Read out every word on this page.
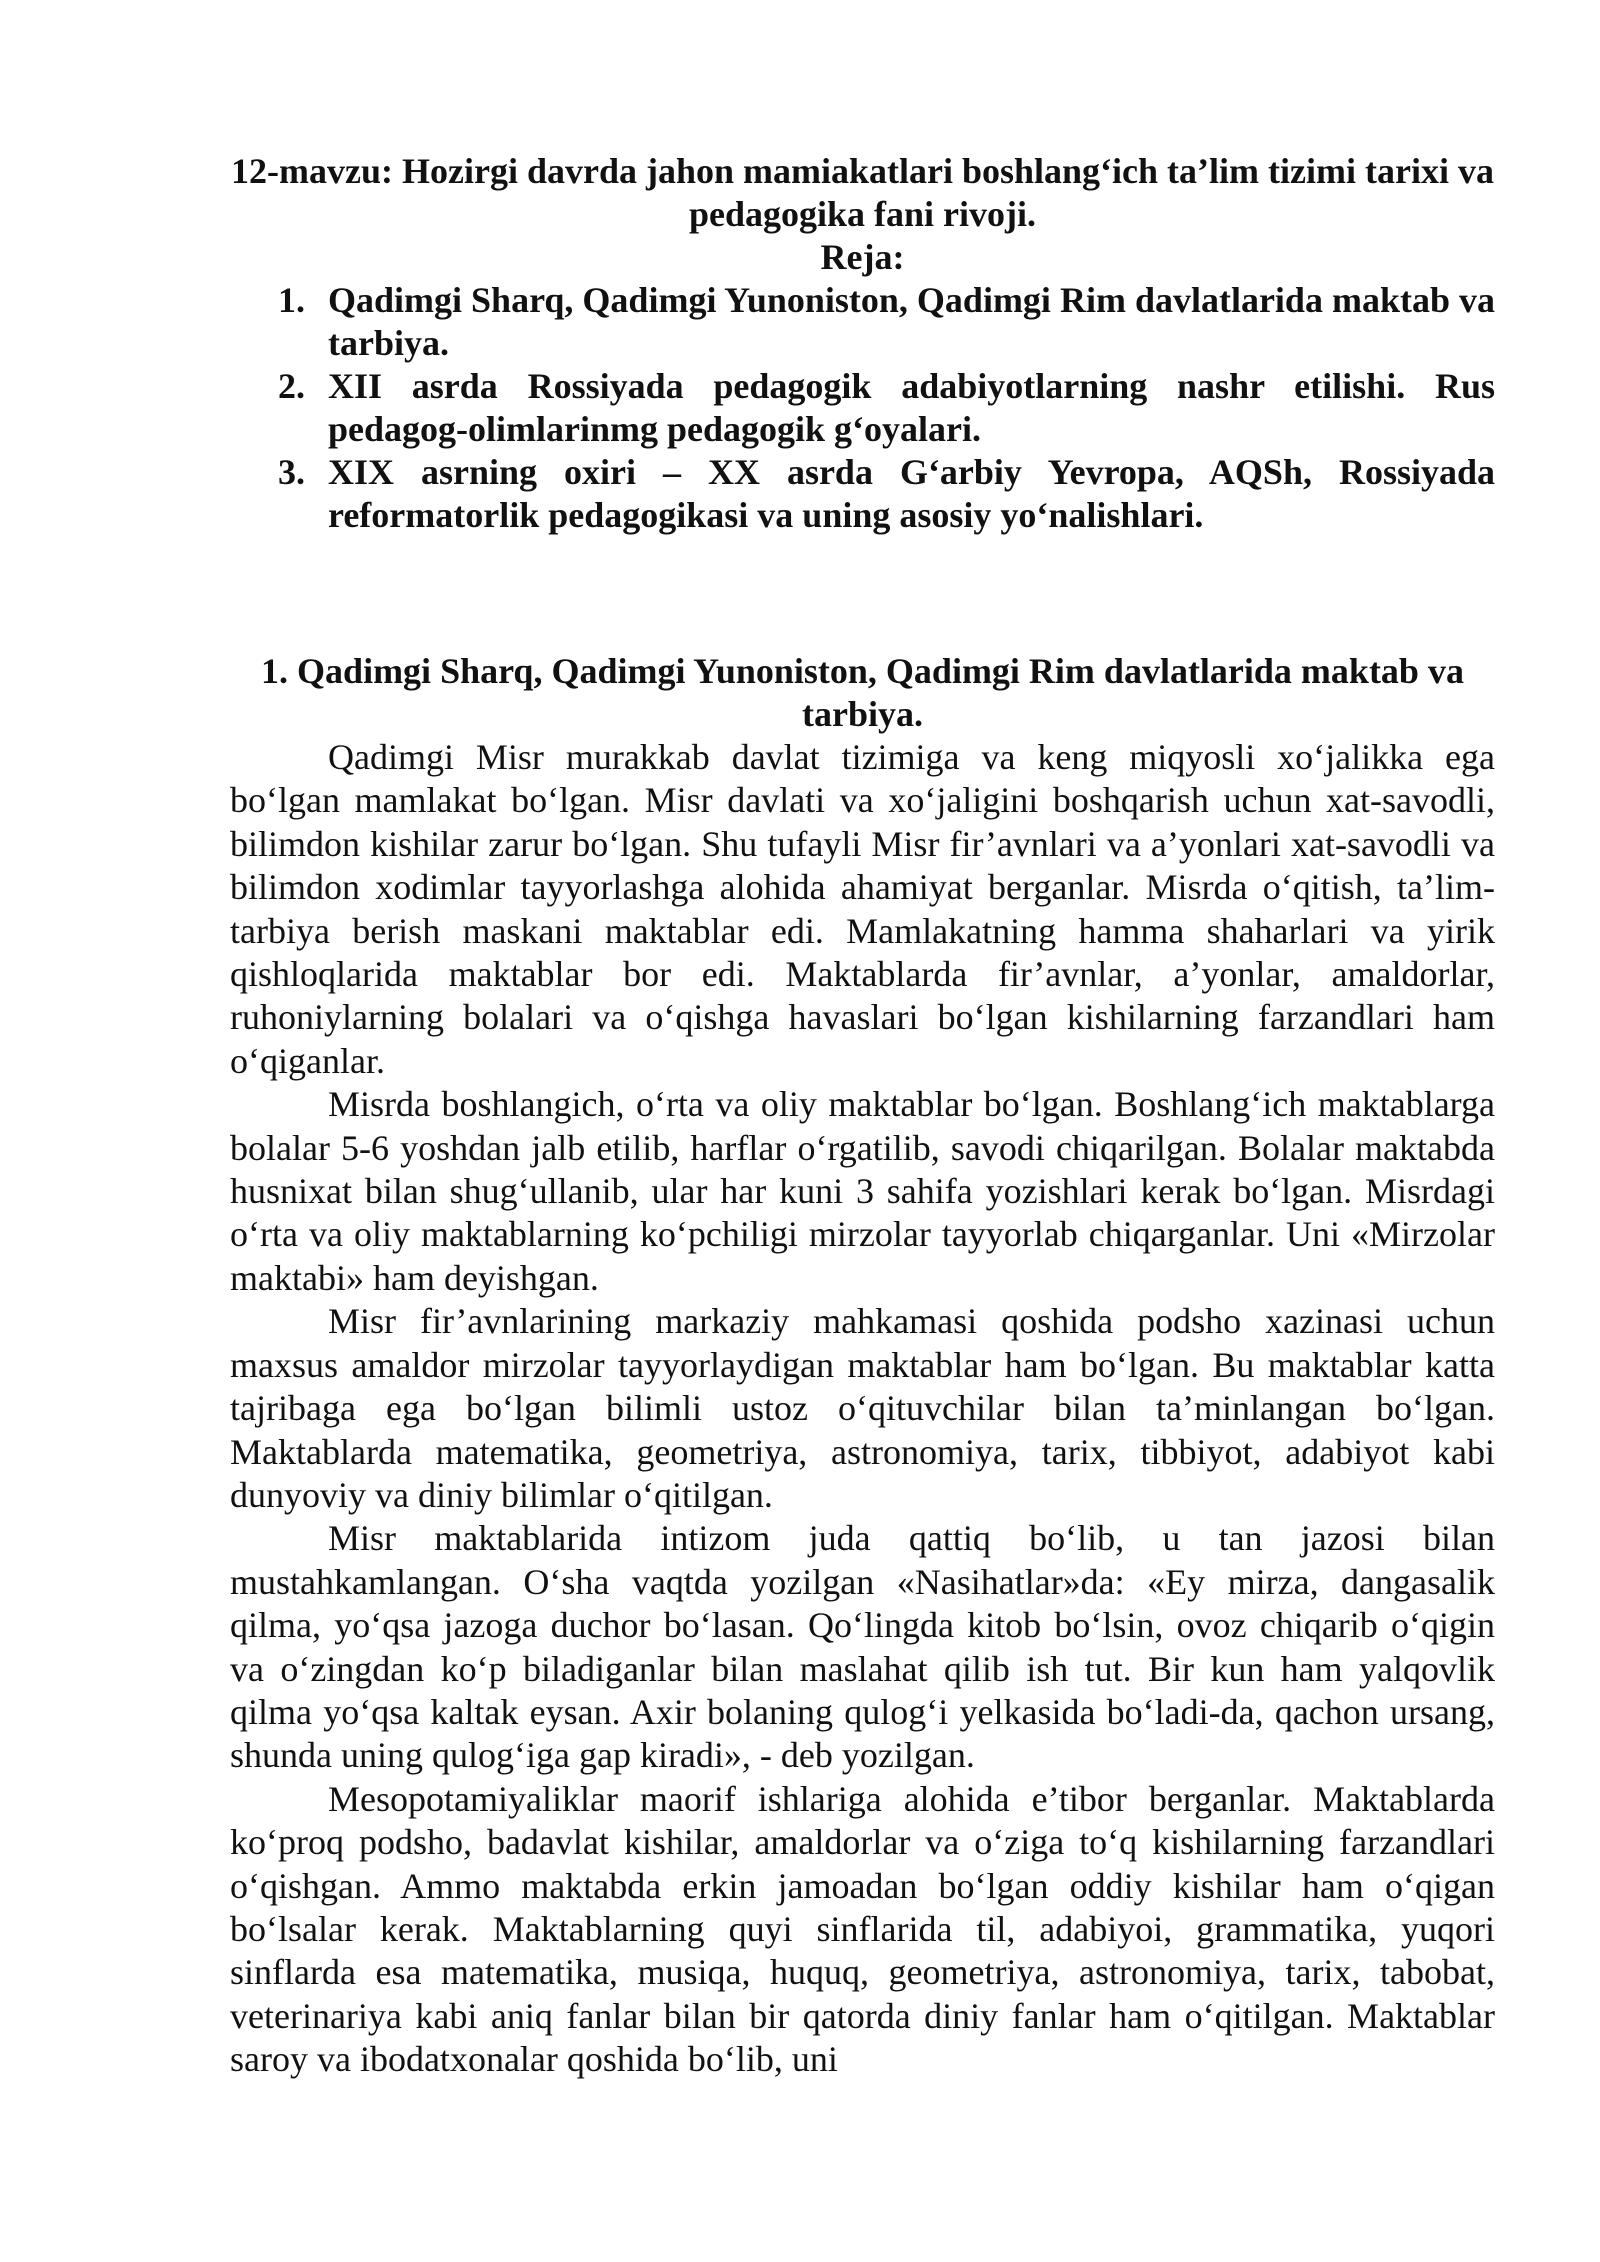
12-mavzu: Hozirgi davrda jahon mamiakatlari boshlang‘ich ta’lim tizimi tarixi va pedagogika fani rivoji.
Reja:
1. Qadimgi Sharq, Qadimgi Yunoniston, Qadimgi Rim davlatlarida maktab va tarbiya.
2. XII asrda Rossiyada pedagogik adabiyotlarning nashr etilishi. Rus pedagog-olimlarinmg pedagogik g‘oyalari.
3. XIX asrning oxiri – XX asrda G‘arbiy Yevropa, AQSh, Rossiyada reformatorlik pedagogikasi va uning asosiy yo‘nalishlari.
1. Qadimgi Sharq, Qadimgi Yunoniston, Qadimgi Rim davlatlarida maktab va tarbiya.

Qadimgi Misr murakkab davlat tizimiga va keng miqyosli xo‘jalikka ega bo‘lgan mamlakat bo‘lgan. Misr davlati va xo‘jaligini boshqarish uchun xat-savodli, bilimdon kishilar zarur bo‘lgan. Shu tufayli Misr fir’avnlari va a’yonlari xat-savodli va bilimdon xodimlar tayyorlashga alohida ahamiyat berganlar. Misrda o‘qitish, ta’lim-tarbiya berish maskani maktablar edi. Mamlakatning hamma shaharlari va yirik qishloqlarida maktablar bor edi. Maktablarda fir’avnlar, a’yonlar, amaldorlar, ruhoniylarning bolalari va o‘qishga havaslari bo‘lgan kishilarning farzandlari ham o‘qiganlar.

Misrda boshlangich, o‘rta va oliy maktablar bo‘lgan. Boshlang‘ich maktablarga bolalar 5-6 yoshdan jalb etilib, harflar o‘rgatilib, savodi chiqarilgan. Bolalar maktabda husnixat bilan shug‘ullanib, ular har kuni 3 sahifa yozishlari kerak bo‘lgan. Misrdagi o‘rta va oliy maktablarning ko‘pchiligi mirzolar tayyorlab chiqarganlar. Uni «Mirzolar maktabi» ham deyishgan.

Misr fir’avnlarining markaziy mahkamasi qoshida podsho xazinasi uchun maxsus amaldor mirzolar tayyorlaydigan maktablar ham bo‘lgan. Bu maktablar katta tajribaga ega bo‘lgan bilimli ustoz o‘qituvchilar bilan ta’minlangan bo‘lgan. Maktablarda matematika, geometriya, astronomiya, tarix, tibbiyot, adabiyot kabi dunyoviy va diniy bilimlar o‘qitilgan.

Misr maktablarida intizom juda qattiq bo‘lib, u tan jazosi bilan mustahkamlangan. O‘sha vaqtda yozilgan «Nasihatlar»da: «Ey mirza, dangasalik qilma, yo‘qsa jazoga duchor bo‘lasan. Qo‘lingda kitob bo‘lsin, ovoz chiqarib o‘qigin va o‘zingdan ko‘p biladiganlar bilan maslahat qilib ish tut. Bir kun ham yalqovlik qilma yo‘qsa kaltak eysan. Axir bolaning qulog‘i yelkasida bo‘ladi-da, qachon ursang, shunda uning qulog‘iga gap kiradi», - deb yozilgan.

Mesopotamiyaliklar maorif ishlariga alohida e’tibor berganlar. Maktablarda ko‘proq podsho, badavlat kishilar, amaldorlar va o‘ziga to‘q kishilarning farzandlari o‘qishgan. Ammo maktabda erkin jamoadan bo‘lgan oddiy kishilar ham o‘qigan bo‘lsalar kerak. Maktablarning quyi sinflarida til, adabiyoi, grammatika, yuqori sinflarda esa matematika, musiqa, huquq, geometriya, astronomiya, tarix, tabobat, veterinariya kabi aniq fanlar bilan bir qatorda diniy fanlar ham o‘qitilgan. Maktablar saroy va ibodatxonalar qoshida bo‘lib, uni
